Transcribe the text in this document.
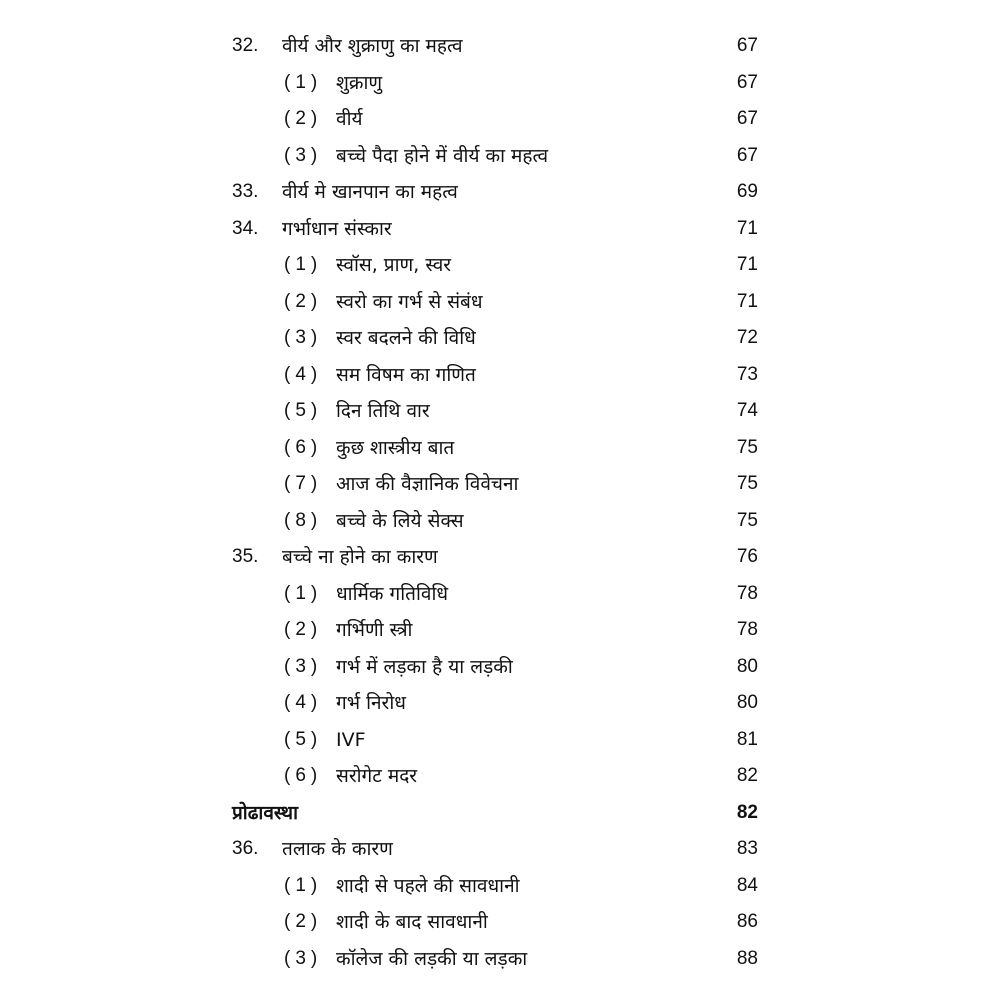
32. वीर्य और शुक्राणु का महत्व	67
(1) शुक्राणु	67
(2) वीर्य	67
(3) बच्चे पैदा होने में वीर्य का महत्व	67
33. वीर्य मे खानपान का महत्व	69
34. गर्भाधान संस्कार	71
(1) स्वॉस, प्राण, स्वर	71
(2) स्वरो का गर्भ से संबंध	71
(3) स्वर बदलने की विधि	72
(4) सम विषम का गणित	73
(5) दिन तिथि वार	74
(6) कुछ शास्त्रीय बात	75
(7) आज की वैज्ञानिक विवेचना	75
(8) बच्चे के लिये सेक्स	75
35. बच्चे ना होने का कारण	76
(1) धार्मिक गतिविधि	78
(2) गर्भिणी स्त्री	78
(3) गर्भ में लड़का है या लड़की	80
(4) गर्भ निरोध	80
(5) IVF	81
(6) सरोगेट मदर	82
प्रोढावस्था	82
36. तलाक के कारण	83
(1) शादी से पहले की सावधानी	84
(2) शादी के बाद सावधानी	86
(3) कॉलेज की लड़की या लड़का	88
